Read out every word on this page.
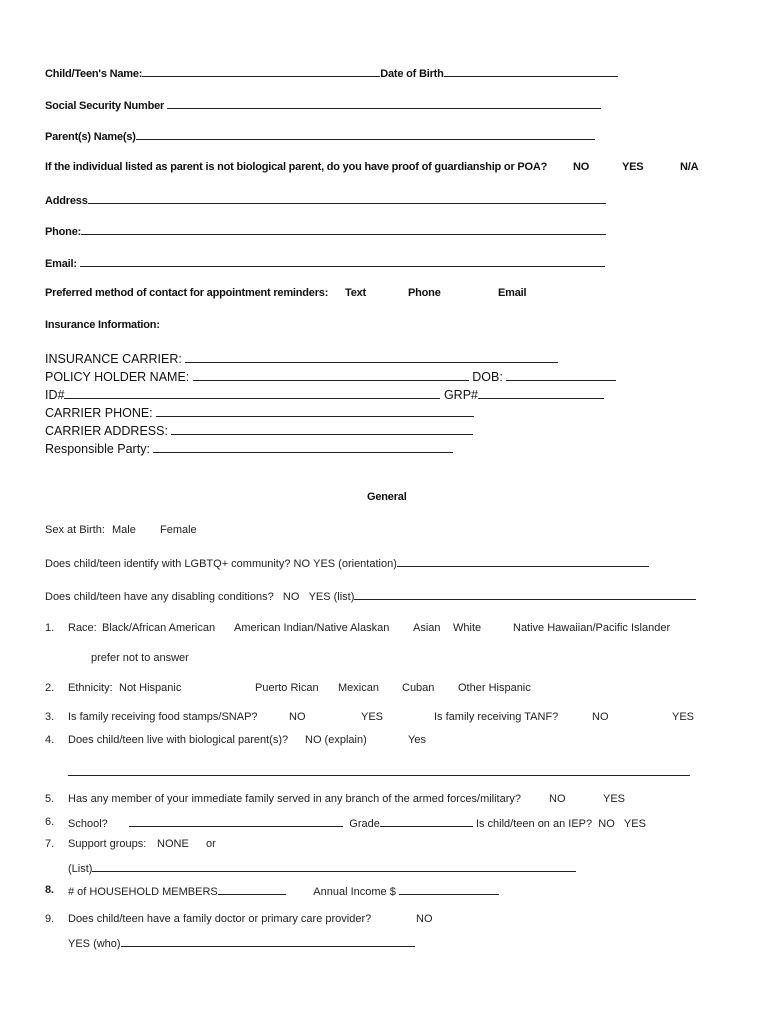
Child/Teen's Name:	Date of Birth
Social Security Number
Parent(s) Name(s)
If the individual listed as parent is not biological parent, do you have proof of guardianship or POA? NO	YES	N/A
Address
Phone:
Email:
Preferred method of contact for appointment reminders: Text	Phone	Email
Insurance Information:
INSURANCE CARRIER:
POLICY HOLDER NAME:	DOB:
ID#	GRP#
CARRIER PHONE:
CARRIER ADDRESS:
Responsible Party:
General
Sex at Birth: Male Female
Does child/teen identify with LGBTQ+ community? NO YES (orientation)
Does child/teen have any disabling conditions? NO YES (list)
1. Race: Black/African American American Indian/Native Alaskan Asian White	Native Hawaiian/Pacific Islander
prefer not to answer
2. Ethnicity: Not Hispanic	Puerto Rican Mexican Cuban Other Hispanic
3. Is family receiving food stamps/SNAP?	NO	YES	Is family receiving TANF?	NO	YES
4. Does child/teen live with biological parent(s)? NO (explain)	Yes
5. Has any member of your immediate family served in any branch of the armed forces/military?	NO	YES
6. School?	Grade	Is child/teen on an IEP? NO YES
7. Support groups: NONE or
(List)
8. # of HOUSEHOLD MEMBERS	Annual Income $
9. Does child/teen have a family doctor or primary care provider?	NO
YES (who)
